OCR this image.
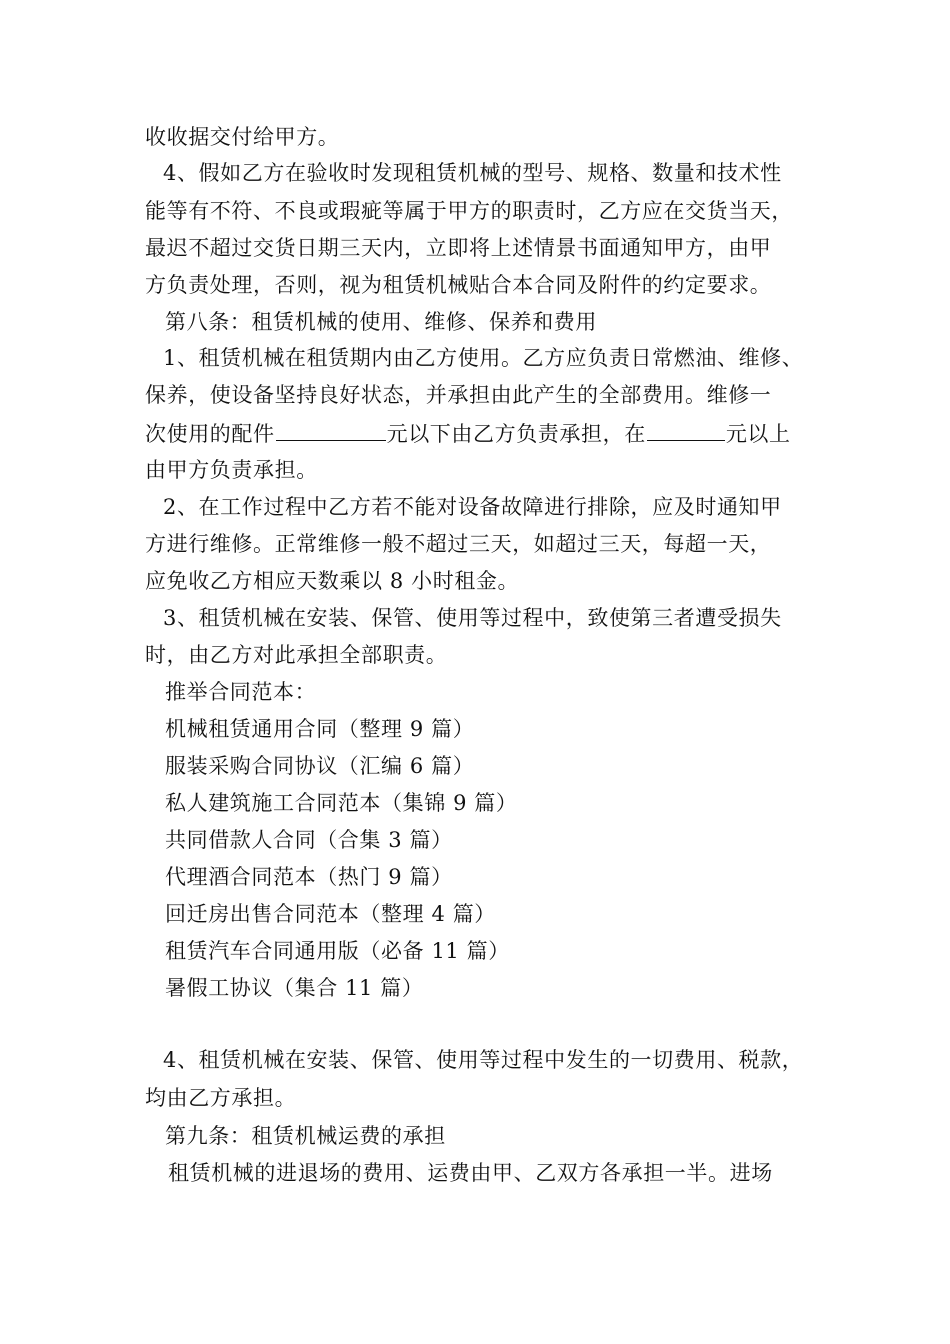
收收据交付给甲方。
4、假如乙方在验收时发现租赁机械的型号、规格、数量和技术性
能等有不符、不良或瑕疵等属于甲方的职责时，乙方应在交货当天，
最迟不超过交货日期三天内，立即将上述情景书面通知甲方，由甲
方负责处理，否则，视为租赁机械贴合本合同及附件的约定要求。
第八条：租赁机械的使用、维修、保养和费用
1、租赁机械在租赁期内由乙方使用。乙方应负责日常燃油、维修、
保养，使设备坚持良好状态，并承担由此产生的全部费用。维修一
次使用的配件	元以下由乙方负责承担，在	元以上
由甲方负责承担。
2、在工作过程中乙方若不能对设备故障进行排除，应及时通知甲
方进行维修。正常维修一般不超过三天，如超过三天，每超一天，
应免收乙方相应天数乘以 8 小时租金。
3、租赁机械在安装、保管、使用等过程中，致使第三者遭受损失
时，由乙方对此承担全部职责。
推举合同范本：
机械租赁通用合同（整理 9 篇）
服装采购合同协议（汇编 6 篇）
私人建筑施工合同范本（集锦 9 篇）
共同借款人合同（合集 3 篇）
代理酒合同范本（热门 9 篇）
回迁房出售合同范本（整理 4 篇）
租赁汽车合同通用版（必备 11 篇）
暑假工协议（集合 11 篇）
4、租赁机械在安装、保管、使用等过程中发生的一切费用、税款，
均由乙方承担。
第九条：租赁机械运费的承担
租赁机械的进退场的费用、运费由甲、乙双方各承担一半。进场
